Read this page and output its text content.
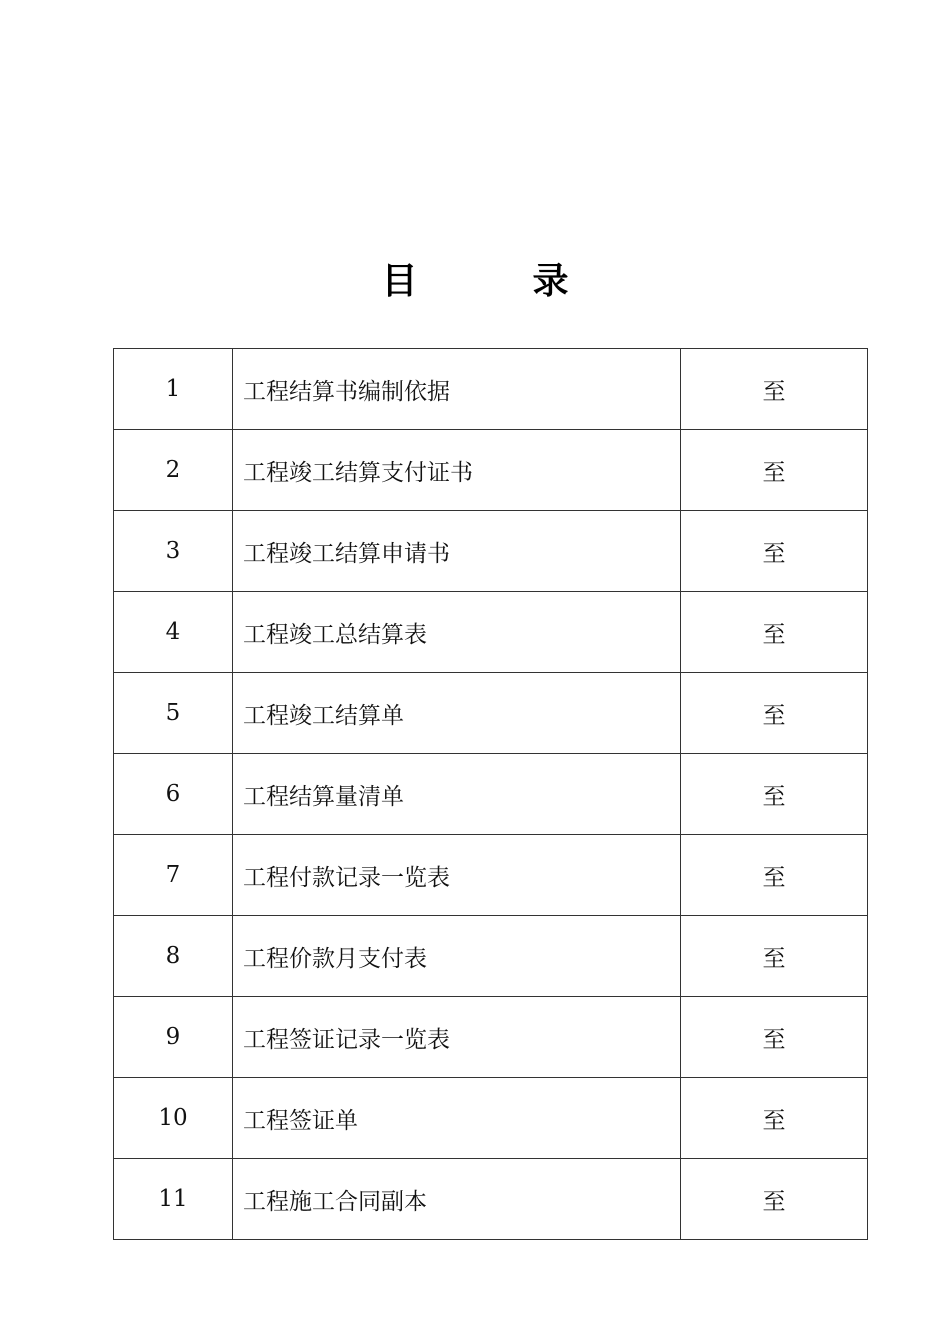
目	录
1	工程结算书编制依据	至
2	工程竣工结算支付证书	至
3	工程竣工结算申请书	至
4	工程竣工总结算表	至
5	工程竣工结算单	至
6	工程结算量清单	至
7	工程付款记录一览表	至
8	工程价款月支付表	至
9	工程签证记录一览表	至
10	工程签证单	至
11	工程施工合同副本	至
